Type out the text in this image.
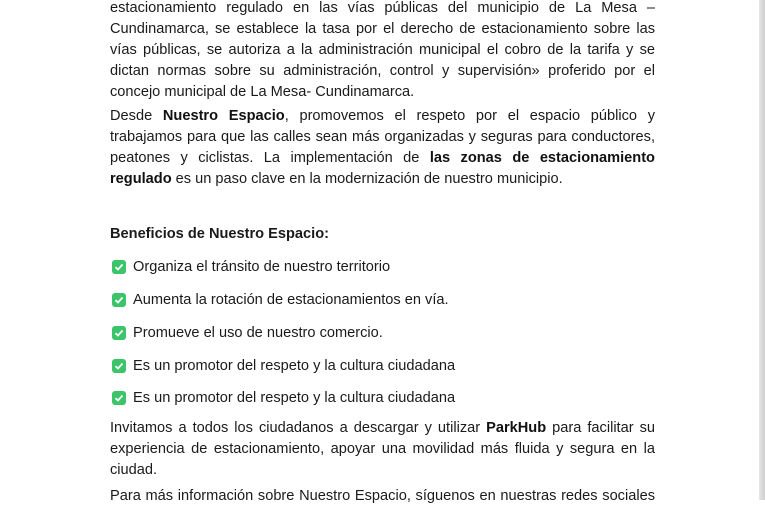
estacionamiento regulado en las vías públicas del municipio de La Mesa –

Cundinamarca, se establece la tasa por el derecho de estacionamiento sobre las

vías públicas, se autoriza a la administración municipal el cobro de la tarifa y se

dictan normas sobre su administración, control y supervisión» proferido por el

concejo municipal de La Mesa- Cundinamarca.

Desde Nuestro Espacio, promovemos el respeto por el espacio público y trabajamos para que las calles sean más organizadas y seguras para conductores, peatones y ciclistas. La implementación de las zonas de estacionamiento regulado es un paso clave en la modernización de nuestro municipio.

Beneficios de Nuestro Espacio:
Organiza el tránsito de nuestro territorio
Aumenta la rotación de estacionamientos en vía.
Promueve el uso de nuestro comercio.
Es un promotor del respeto y la cultura ciudadana
Es un promotor del respeto y la cultura ciudadana

Invitamos a todos los ciudadanos a descargar y utilizar ParkHub para facilitar su experiencia de estacionamiento, apoyar una movilidad más fluida y segura en la ciudad.

Para más información sobre Nuestro Espacio, síguenos en nuestras redes sociales
